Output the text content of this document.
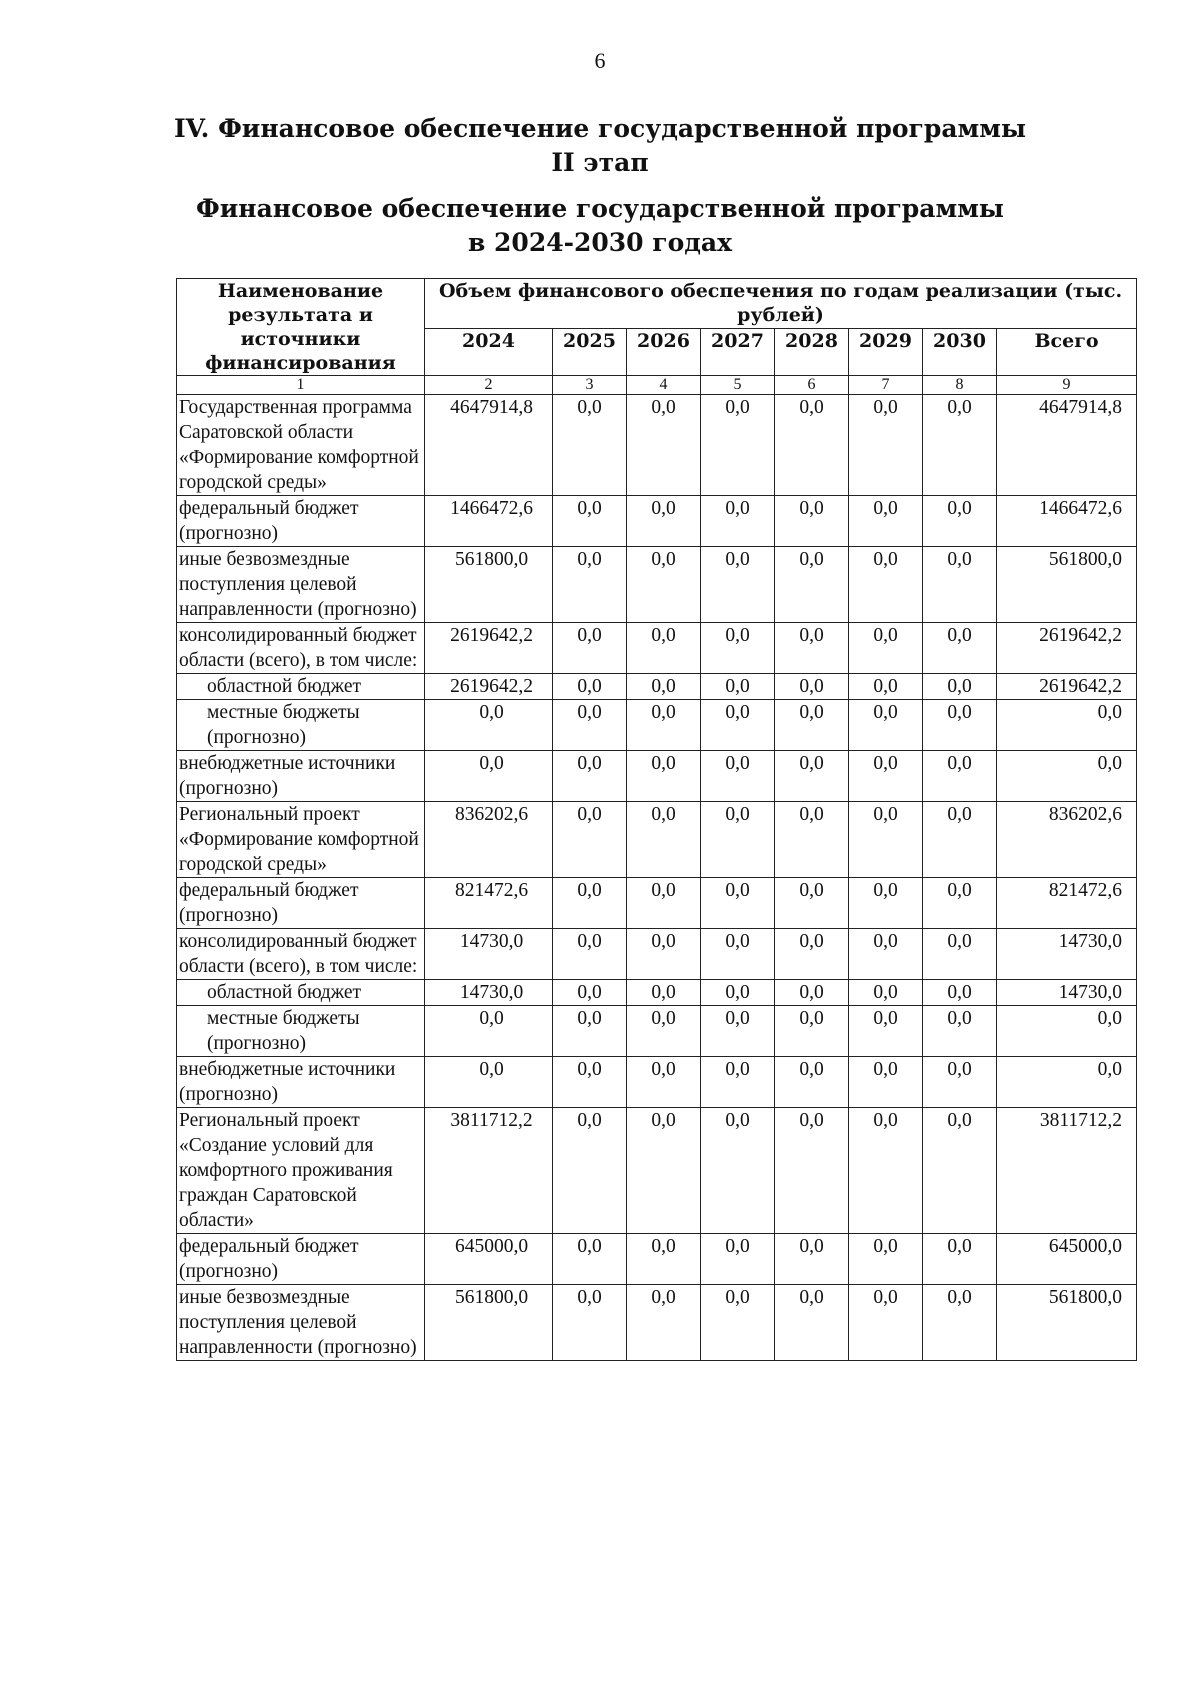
6
IV. Финансовое обеспечение государственной программы
II этап
Финансовое обеспечение государственной программы
в 2024-2030 годах
Наименование результата и источники финансирования	Объем финансового обеспечения по годам реализации (тыс. рублей)							
	2024	2025	2026	2027	2028	2029	2030	Всего
1	2	3	4	5	6	7	8	9
Государственная программа Саратовской области «Формирование комфортной городской среды»	4647914,8	0,0	0,0	0,0	0,0	0,0	0,0	4647914,8
федеральный бюджет (прогнозно)	1466472,6	0,0	0,0	0,0	0,0	0,0	0,0	1466472,6
иные безвозмездные поступления целевой направленности (прогнозно)	561800,0	0,0	0,0	0,0	0,0	0,0	0,0	561800,0
консолидированный бюджет области (всего), в том числе:	2619642,2	0,0	0,0	0,0	0,0	0,0	0,0	2619642,2
областной бюджет	2619642,2	0,0	0,0	0,0	0,0	0,0	0,0	2619642,2
местные бюджеты (прогнозно)	0,0	0,0	0,0	0,0	0,0	0,0	0,0	0,0
внебюджетные источники (прогнозно)	0,0	0,0	0,0	0,0	0,0	0,0	0,0	0,0
Региональный проект «Формирование комфортной городской среды»	836202,6	0,0	0,0	0,0	0,0	0,0	0,0	836202,6
федеральный бюджет (прогнозно)	821472,6	0,0	0,0	0,0	0,0	0,0	0,0	821472,6
консолидированный бюджет области (всего), в том числе:	14730,0	0,0	0,0	0,0	0,0	0,0	0,0	14730,0
областной бюджет	14730,0	0,0	0,0	0,0	0,0	0,0	0,0	14730,0
местные бюджеты (прогнозно)	0,0	0,0	0,0	0,0	0,0	0,0	0,0	0,0
внебюджетные источники (прогнозно)	0,0	0,0	0,0	0,0	0,0	0,0	0,0	0,0
Региональный проект «Создание условий для комфортного проживания граждан Саратовской области»	3811712,2	0,0	0,0	0,0	0,0	0,0	0,0	3811712,2
федеральный бюджет (прогнозно)	645000,0	0,0	0,0	0,0	0,0	0,0	0,0	645000,0
иные безвозмездные поступления целевой направленности (прогнозно)	561800,0	0,0	0,0	0,0	0,0	0,0	0,0	561800,0
